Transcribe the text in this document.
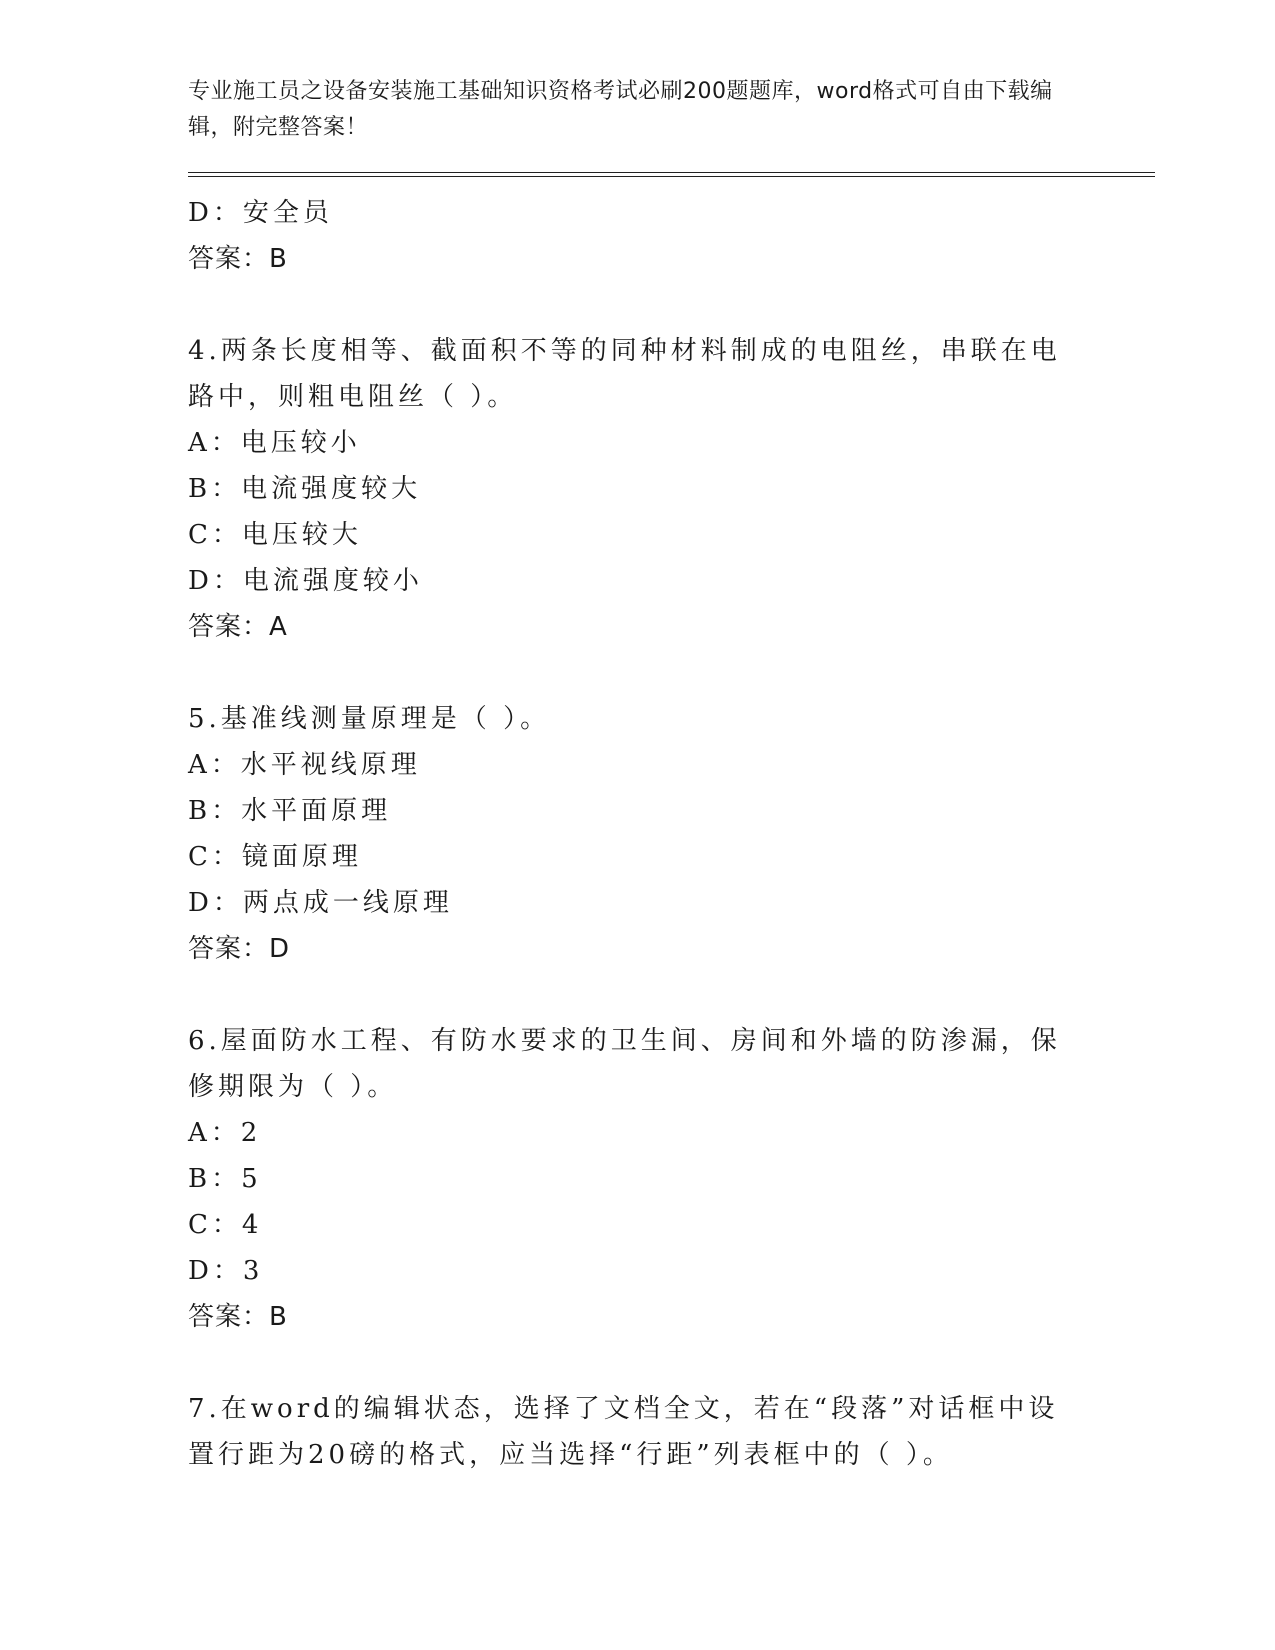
专业施工员之设备安装施工基础知识资格考试必刷200题题库，word格式可自由下载编辑，附完整答案！
D：安全员
答案：B
4.两条长度相等、截面积不等的同种材料制成的电阻丝，串联在电路中，则粗电阻丝（ ）。
A：电压较小
B：电流强度较大
C：电压较大
D：电流强度较小
答案：A
5.基准线测量原理是（ ）。
A：水平视线原理
B：水平面原理
C：镜面原理
D：两点成一线原理
答案：D
6.屋面防水工程、有防水要求的卫生间、房间和外墙的防渗漏，保修期限为（ ）。
A：2
B：5
C：4
D：3
答案：B
7.在word的编辑状态，选择了文档全文，若在“段落”对话框中设置行距为20磅的格式，应当选择“行距”列表框中的（ ）。
